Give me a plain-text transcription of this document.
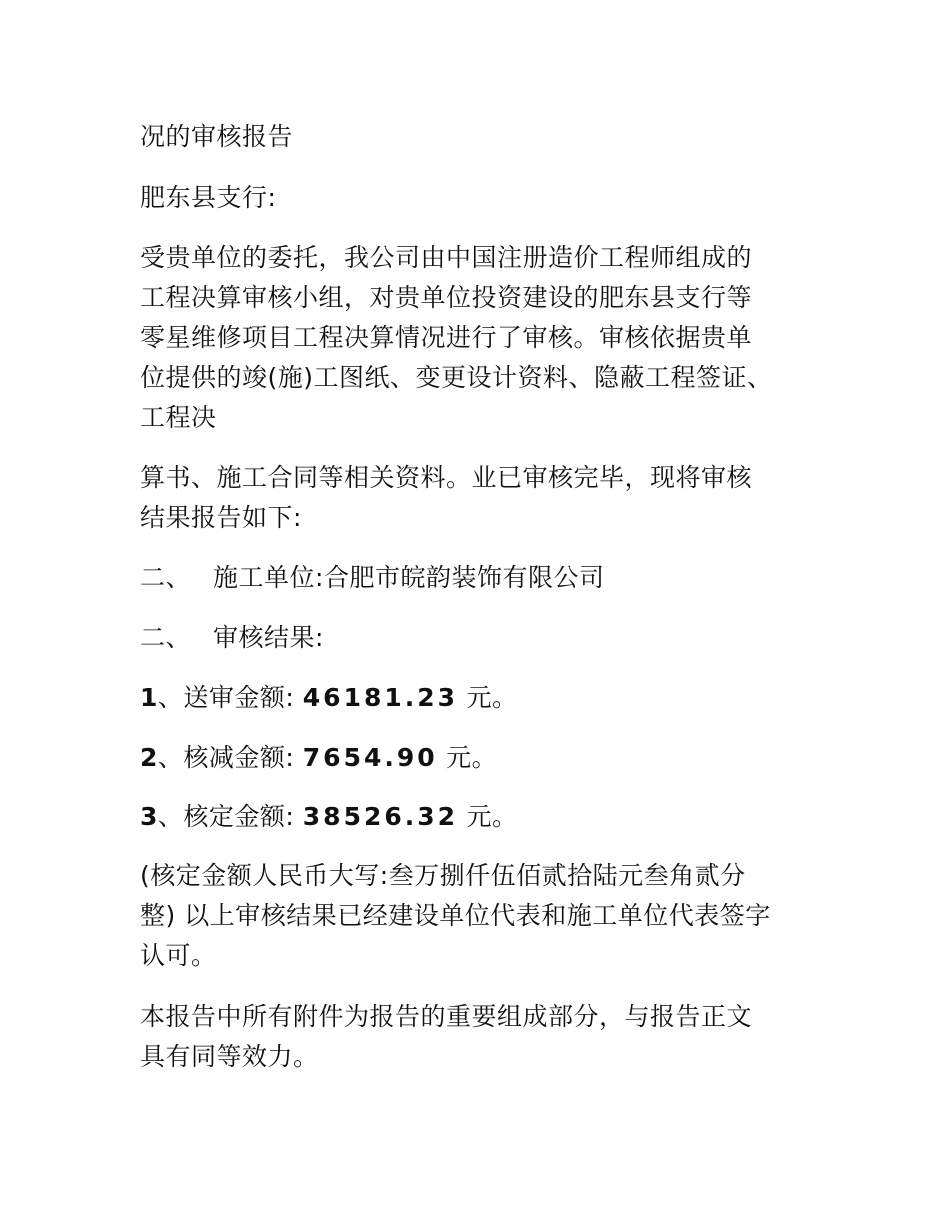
况的审核报告
肥东县支行:
受贵单位的委托，我公司由中国注册造价工程师组成的
工程决算审核小组，对贵单位投资建设的肥东县支行等
零星维修项目工程决算情况进行了审核。审核依据贵单
位提供的竣(施)工图纸、变更设计资料、隐蔽工程签证、
工程决
算书、施工合同等相关资料。业已审核完毕，现将审核
结果报告如下:
二、 施工单位:合肥市皖韵装饰有限公司
二、 审核结果:
1、送审金额: 46181.23 元。
2、核减金额: 7654.90 元。
3、核定金额: 38526.32 元。
(核定金额人民币大写:叁万捌仟伍佰贰拾陆元叁角贰分
整) 以上审核结果已经建设单位代表和施工单位代表签字
认可。
本报告中所有附件为报告的重要组成部分，与报告正文
具有同等效力。
